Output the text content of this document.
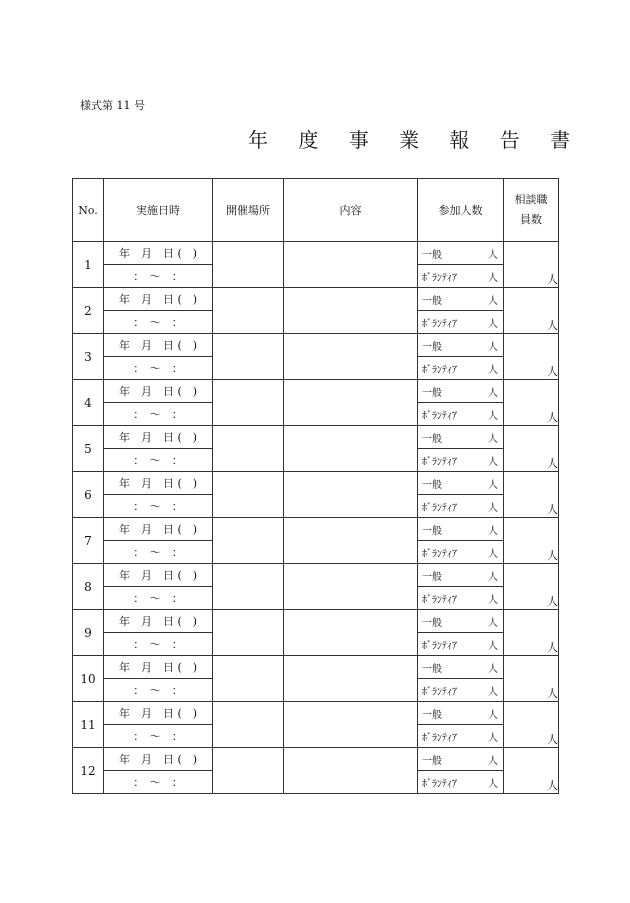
様式第 11 号
年 度 事 業 報 告 書
No.	実施日時	開催場所	内容	参加人数	相談職
員数
1	年　月　日 (　)			一般 人	人
	：　〜　：			ﾎﾞﾗﾝﾃｨｱ 人	
2	年　月　日 (　)			一般 人	人
	：　〜　：			ﾎﾞﾗﾝﾃｨｱ 人	
3	年　月　日 (　)			一般 人	人
	：　〜　：			ﾎﾞﾗﾝﾃｨｱ 人	
4	年　月　日 (　)			一般 人	人
	：　〜　：			ﾎﾞﾗﾝﾃｨｱ 人	
5	年　月　日 (　)			一般 人	人
	：　〜　：			ﾎﾞﾗﾝﾃｨｱ 人	
6	年　月　日 (　)			一般 人	人
	：　〜　：			ﾎﾞﾗﾝﾃｨｱ 人	
7	年　月　日 (　)			一般 人	人
	：　〜　：			ﾎﾞﾗﾝﾃｨｱ 人	
8	年　月　日 (　)			一般 人	人
	：　〜　：			ﾎﾞﾗﾝﾃｨｱ 人	
9	年　月　日 (　)			一般 人	人
	：　〜　：			ﾎﾞﾗﾝﾃｨｱ 人	
10	年　月　日 (　)			一般 人	人
	：　〜　：			ﾎﾞﾗﾝﾃｨｱ 人	
11	年　月　日 (　)			一般 人	人
	：　〜　：			ﾎﾞﾗﾝﾃｨｱ 人	
12	年　月　日 (　)			一般 人	人
	：　〜　：			ﾎﾞﾗﾝﾃｨｱ 人	
